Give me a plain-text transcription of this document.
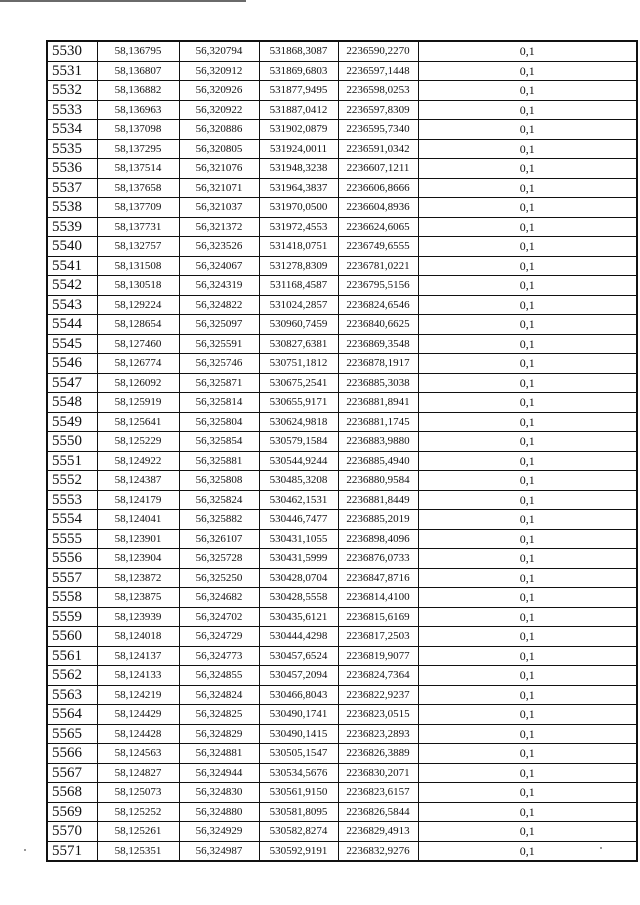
5530	58,136795	56,320794	531868,3087	2236590,2270	0,1
5531	58,136807	56,320912	531869,6803	2236597,1448	0,1
5532	58,136882	56,320926	531877,9495	2236598,0253	0,1
5533	58,136963	56,320922	531887,0412	2236597,8309	0,1
5534	58,137098	56,320886	531902,0879	2236595,7340	0,1
5535	58,137295	56,320805	531924,0011	2236591,0342	0,1
5536	58,137514	56,321076	531948,3238	2236607,1211	0,1
5537	58,137658	56,321071	531964,3837	2236606,8666	0,1
5538	58,137709	56,321037	531970,0500	2236604,8936	0,1
5539	58,137731	56,321372	531972,4553	2236624,6065	0,1
5540	58,132757	56,323526	531418,0751	2236749,6555	0,1
5541	58,131508	56,324067	531278,8309	2236781,0221	0,1
5542	58,130518	56,324319	531168,4587	2236795,5156	0,1
5543	58,129224	56,324822	531024,2857	2236824,6546	0,1
5544	58,128654	56,325097	530960,7459	2236840,6625	0,1
5545	58,127460	56,325591	530827,6381	2236869,3548	0,1
5546	58,126774	56,325746	530751,1812	2236878,1917	0,1
5547	58,126092	56,325871	530675,2541	2236885,3038	0,1
5548	58,125919	56,325814	530655,9171	2236881,8941	0,1
5549	58,125641	56,325804	530624,9818	2236881,1745	0,1
5550	58,125229	56,325854	530579,1584	2236883,9880	0,1
5551	58,124922	56,325881	530544,9244	2236885,4940	0,1
5552	58,124387	56,325808	530485,3208	2236880,9584	0,1
5553	58,124179	56,325824	530462,1531	2236881,8449	0,1
5554	58,124041	56,325882	530446,7477	2236885,2019	0,1
5555	58,123901	56,326107	530431,1055	2236898,4096	0,1
5556	58,123904	56,325728	530431,5999	2236876,0733	0,1
5557	58,123872	56,325250	530428,0704	2236847,8716	0,1
5558	58,123875	56,324682	530428,5558	2236814,4100	0,1
5559	58,123939	56,324702	530435,6121	2236815,6169	0,1
5560	58,124018	56,324729	530444,4298	2236817,2503	0,1
5561	58,124137	56,324773	530457,6524	2236819,9077	0,1
5562	58,124133	56,324855	530457,2094	2236824,7364	0,1
5563	58,124219	56,324824	530466,8043	2236822,9237	0,1
5564	58,124429	56,324825	530490,1741	2236823,0515	0,1
5565	58,124428	56,324829	530490,1415	2236823,2893	0,1
5566	58,124563	56,324881	530505,1547	2236826,3889	0,1
5567	58,124827	56,324944	530534,5676	2236830,2071	0,1
5568	58,125073	56,324830	530561,9150	2236823,6157	0,1
5569	58,125252	56,324880	530581,8095	2236826,5844	0,1
5570	58,125261	56,324929	530582,8274	2236829,4913	0,1
5571	58,125351	56,324987	530592,9191	2236832,9276	0,1
